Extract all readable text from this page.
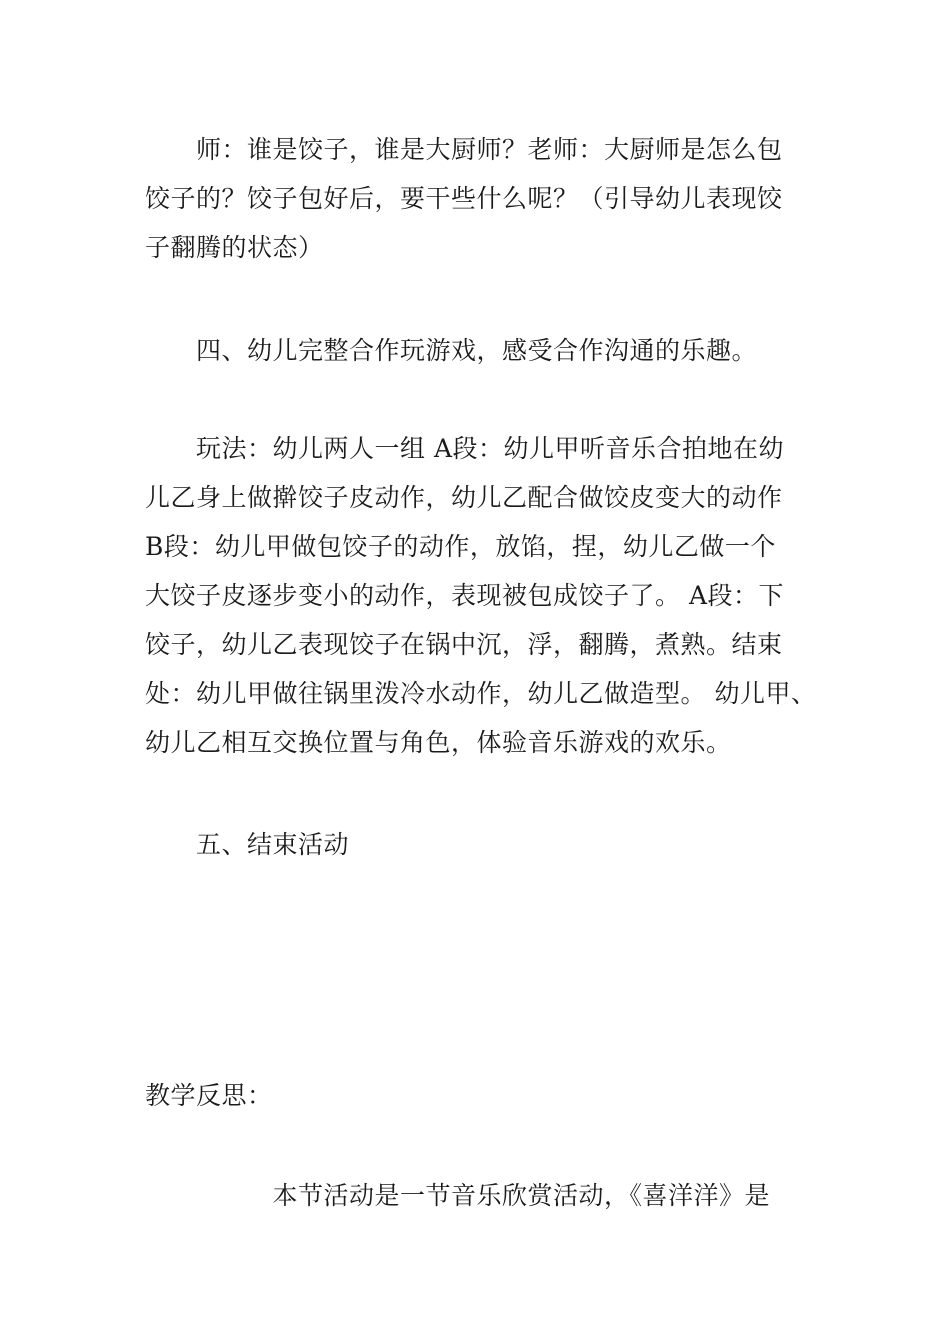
　　师：谁是饺子，谁是大厨师？老师：大厨师是怎么包
饺子的？饺子包好后，要干些什么呢？（引导幼儿表现饺
子翻腾的状态）
　　四、幼儿完整合作玩游戏，感受合作沟通的乐趣。
　　玩法：幼儿两人一组 A段：幼儿甲听音乐合拍地在幼
儿乙身上做擀饺子皮动作，幼儿乙配合做饺皮变大的动作
B段：幼儿甲做包饺子的动作，放馅，捏，幼儿乙做一个
大饺子皮逐步变小的动作，表现被包成饺子了。 A段：下
饺子，幼儿乙表现饺子在锅中沉，浮，翻腾，煮熟。结束
处：幼儿甲做往锅里泼冷水动作，幼儿乙做造型。 幼儿甲、
幼儿乙相互交换位置与角色，体验音乐游戏的欢乐。
　　五、结束活动
教学反思：
　　　　　本节活动是一节音乐欣赏活动，《喜洋洋》是
